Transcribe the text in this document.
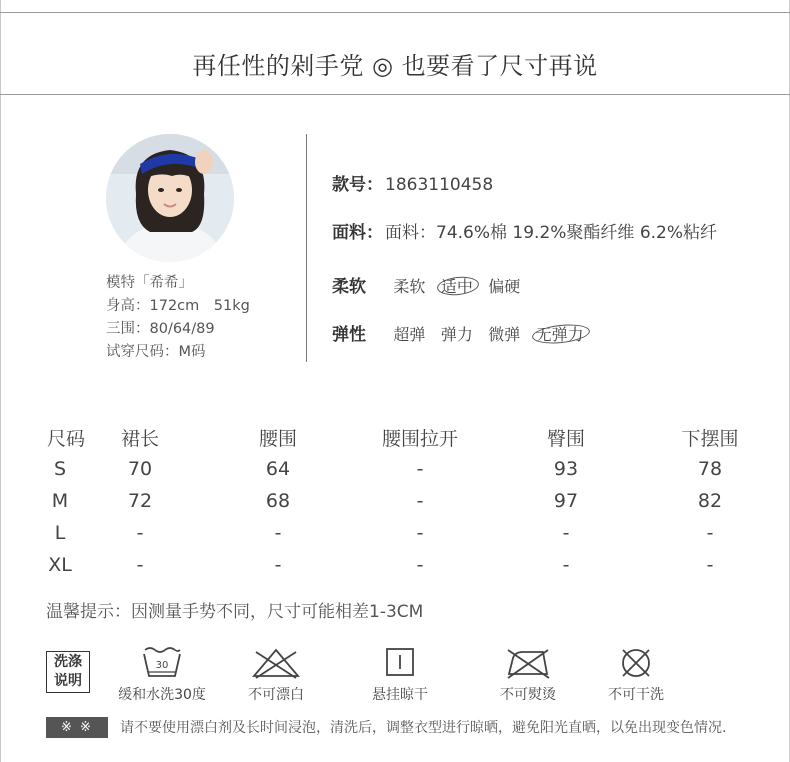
再任性的剁手党 ◎ 也要看了尺寸再说
模特「希希」
身高：172cm　51kg
三围：80/64/89
试穿尺码：M码
款号： 1863110458
面料： 面料：74.6%棉 19.2%聚酯纤维 6.2%粘纤
柔软 柔软 适中 偏硬
弹性 超弹 弹力 微弹 无弹力
尺码 裙长	腰围	腰围拉开	臀围	下摆围
S	70	64	-	93	78
M	72	68	-	97	82
L	-	-	-	-	-
XL	-	-	-	-	-
温馨提示：因测量手势不同，尺寸可能相差1-3CM
洗涤
说明
30
缓和水洗30度	不可漂白	悬挂晾干	不可熨烫	不可干洗
※ ※	请不要使用漂白剂及长时间浸泡，清洗后，调整衣型进行晾晒，避免阳光直晒，以免出现变色情况.
